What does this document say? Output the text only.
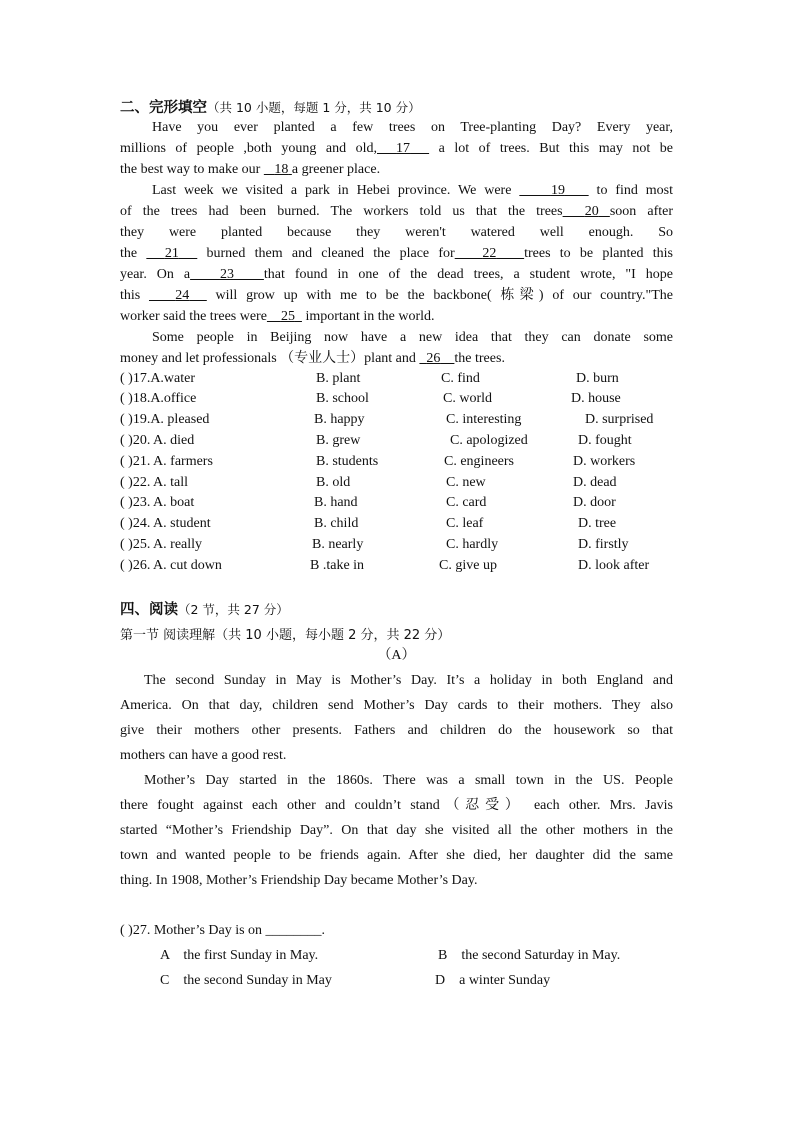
二、完形填空（共 10 小题，每题 1 分，共 10 分）
Have you ever planted a few trees on Tree-planting Day? Every year,
millions of people ,both young and old, 17   a lot of trees. But this may not be
the best way to make our    18 a greener place.
Last week we visited a park in Hebei province. We were     19    to find most
of the trees had been burned. The workers told us that the trees 20 soon after
they were planted because they weren't watered well enough. So
the   21   burned them and cleaned the place for 22 trees to be planted this
year. On a 23 that found in one of the dead trees, a student wrote, "I hope
this    24   will grow up with me to be the backbone( 栋梁) of our country."The
worker said the trees were 25   important in the world.
Some people in Beijing now have a new idea that they can donate some
money and let professionals （专业人士）plant and   26 the trees.
( )17.A.water	B. plant	C. find	D. burn
( )18.A.office	B. school	C. world	D. house
( )19.A. pleased	B. happy	C. interesting	D. surprised
( )20. A. died	B. grew	C. apologized	D. fought
( )21. A. farmers	B. students	C. engineers	D. workers
( )22. A. tall	B. old	C. new	D. dead
( )23. A. boat	B. hand	C. card	D. door
( )24. A. student	B. child	C. leaf	D. tree
( )25. A. really	B. nearly	C. hardly	D. firstly
( )26. A. cut down	B .take in	C. give up	D. look after
四、阅读（2 节，共 27 分）
第一节 阅读理解（共 10 小题，每小题 2 分，共 22 分）
（A）
The second Sunday in May is Mother’s Day. It’s a holiday in both England and
America. On that day, children send Mother’s Day cards to their mothers. They also
give their mothers other presents. Fathers and children do the housework so that
mothers can have a good rest.
Mother’s Day started in the 1860s. There was a small town in the US. People
there fought against each other and couldn’t stand（忍受） each other. Mrs. Javis
started “Mother’s Friendship Day”. On that day she visited all the other mothers in the
town and wanted people to be friends again. After she died, her daughter did the same
thing. In 1908, Mother’s Friendship Day became Mother’s Day.
( )27. Mother’s Day is on ________.
A    the first Sunday in May.	B    the second Saturday in May.
C    the second Sunday in May	D    a winter Sunday
